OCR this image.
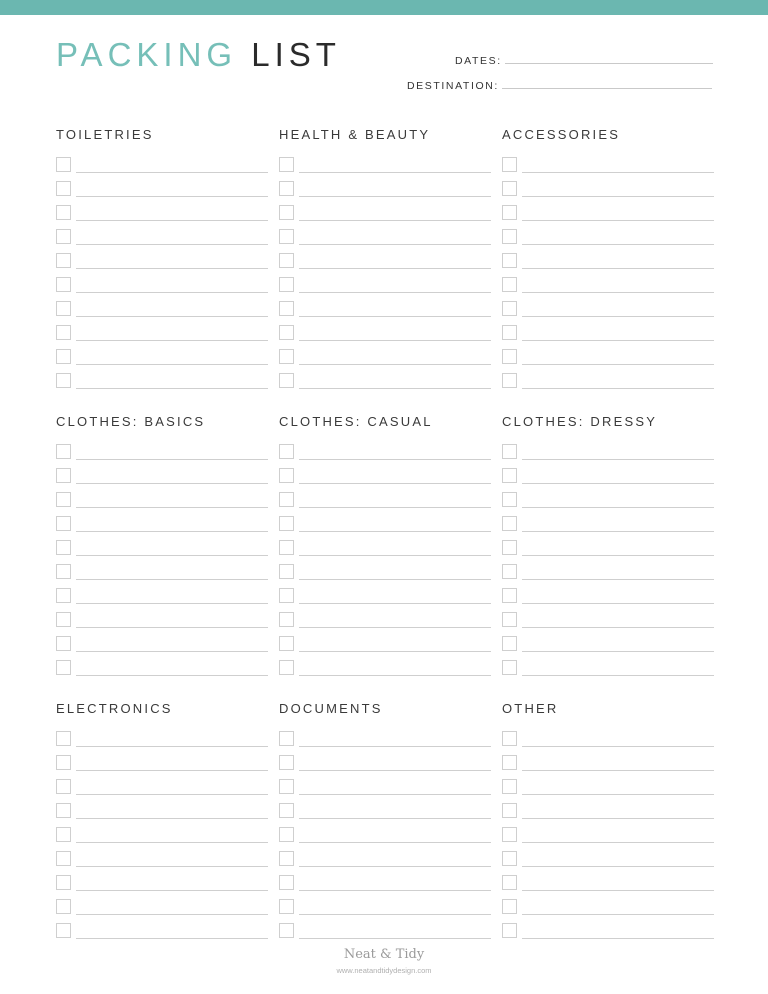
PACKING LIST	DATES:
DESTINATION:
TOILETRIES	HEALTH & BEAUTY	ACCESSORIES
CLOTHES: BASICS	CLOTHES: CASUAL	CLOTHES: DRESSY
ELECTRONICS	DOCUMENTS	OTHER
Neat & Tidy
www.neatandtidydesign.com
